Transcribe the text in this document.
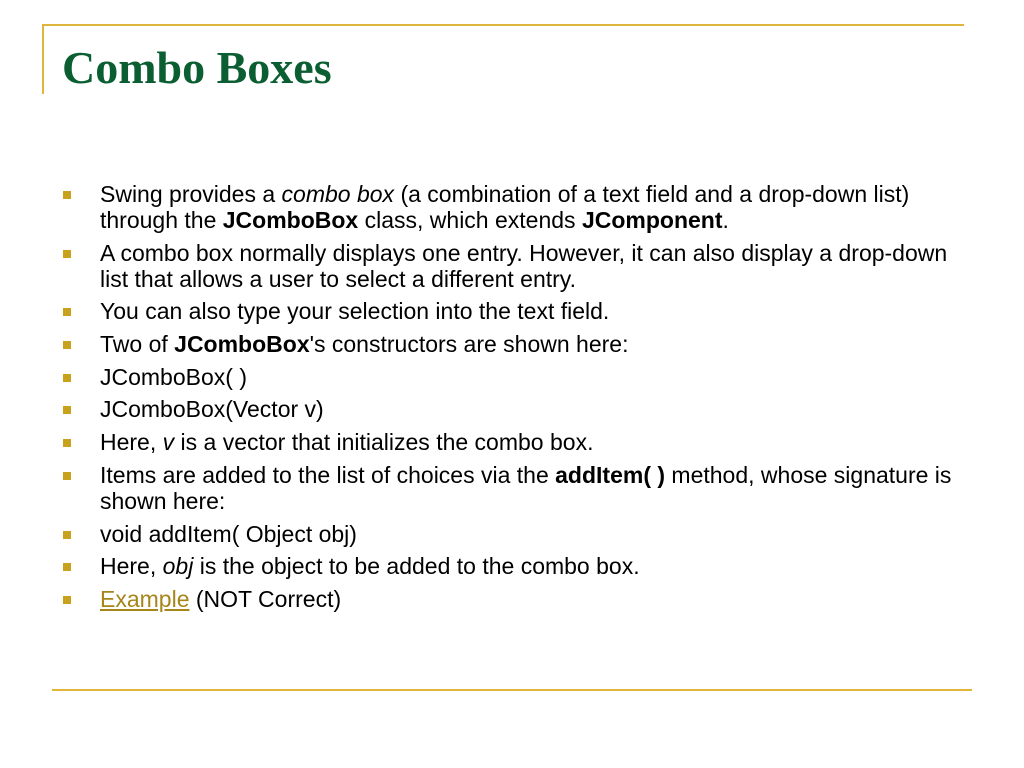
Combo Boxes
Swing provides a combo box (a combination of a text field and a drop-down list) through the JComboBox class, which extends JComponent.
A combo box normally displays one entry. However, it can also display a drop-down list that allows a user to select a different entry.
You can also type your selection into the text field.
Two of JComboBox's constructors are shown here:
JComboBox( )
JComboBox(Vector v)
Here, v is a vector that initializes the combo box.
Items are added to the list of choices via the addItem( ) method, whose signature is shown here:
void addItem( Object obj)
Here, obj is the object to be added to the combo box.
Example (NOT Correct)
